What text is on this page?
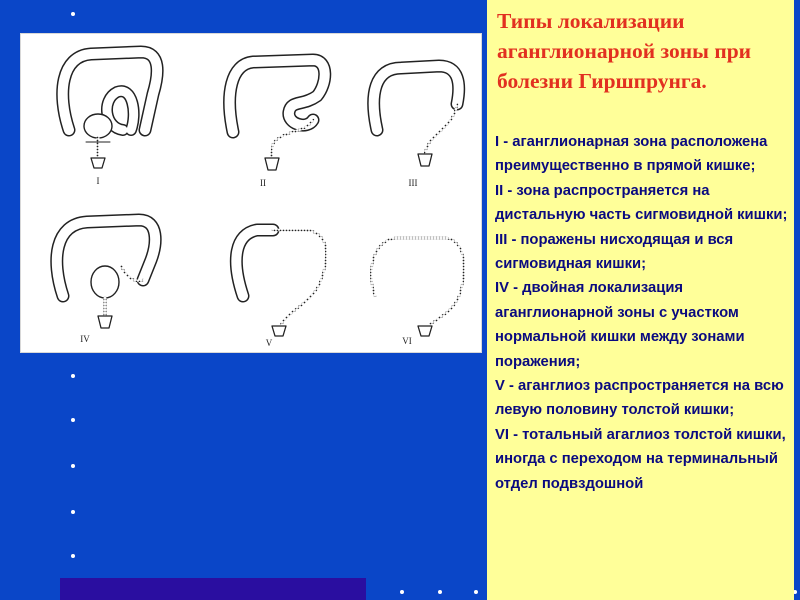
I	II	III
IV	V	VI
Типы локализации аганглионарной зоны при болезни Гиршпрунга.
I - аганглионарная зона расположена преимущественно в прямой кишке;
II - зона распространяется на дистальную часть сигмовидной кишки;
III - поражены нисходящая и вся сигмовидная кишки;
IV - двойная локализация аганглионарной зоны с участком нормальной кишки между зонами поражения;
V - аганглиоз распространяется на всю левую половину толстой кишки;
VI - тотальный агаглиоз толстой кишки, иногда с переходом на терминальный отдел подвздошной
